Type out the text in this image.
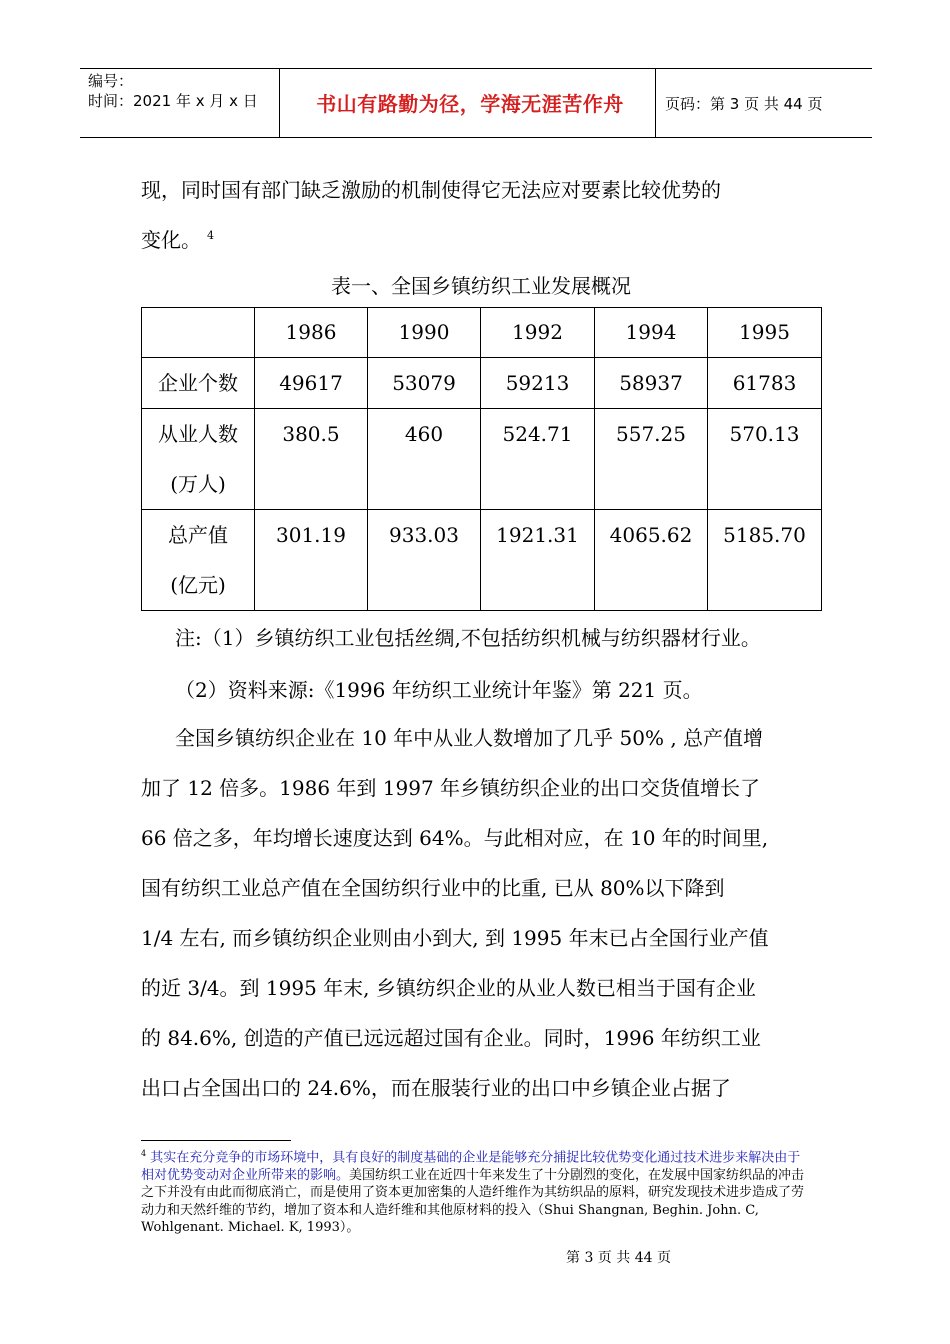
编号：
时间：2021 年 x 月 x 日	书山有路勤为径，学海无涯苦作舟	页码：第 3 页 共 44 页
现，同时国有部门缺乏激励的机制使得它无法应对要素比较优势的
变化。 $^4$
表一、全国乡镇纺织工业发展概况
	1986	1990	1992	1994	1995

企业个数	49617	53079	59213	58937	61783

从业人数
(万人)	380.5	460	524.71	557.25	570.13

总产值
(亿元)	301.19	933.03	1921.31	4065.62	5185.70
注:（1）乡镇纺织工业包括丝绸,不包括纺织机械与纺织器材行业。
（2）资料来源:《1996 年纺织工业统计年鉴》第 221 页。
全国乡镇纺织企业在 10 年中从业人数增加了几乎 50% , 总产值增
加了 12 倍多。1986 年到 1997 年乡镇纺织企业的出口交货值增长了
66 倍之多，年均增长速度达到 64%。与此相对应，在 10 年的时间里,
国有纺织工业总产值在全国纺织行业中的比重, 已从 80%以下降到
1/4 左右, 而乡镇纺织企业则由小到大, 到 1995 年末已占全国行业产值
的近 3/4。到 1995 年末, 乡镇纺织企业的从业人数已相当于国有企业
的 84.6%, 创造的产值已远远超过国有企业。同时，1996 年纺织工业
出口占全国出口的 24.6%，而在服装行业的出口中乡镇企业占据了
$^4$ 其实在充分竞争的市场环境中，具有良好的制度基础的企业是能够充分捕捉比较优势变化通过技术进步来解决由于相对优势变动对企业所带来的影响。美国纺织工业在近四十年来发生了十分剧烈的变化，在发展中国家纺织品的冲击之下并没有由此而彻底消亡，而是使用了资本更加密集的人造纤维作为其纺织品的原料，研究发现技术进步造成了劳动力和天然纤维的节约，增加了资本和人造纤维和其他原材料的投入（Shui Shangnan, Beghin. John. C, Wohlgenant. Michael. K, 1993）。
第 3 页 共 44 页
